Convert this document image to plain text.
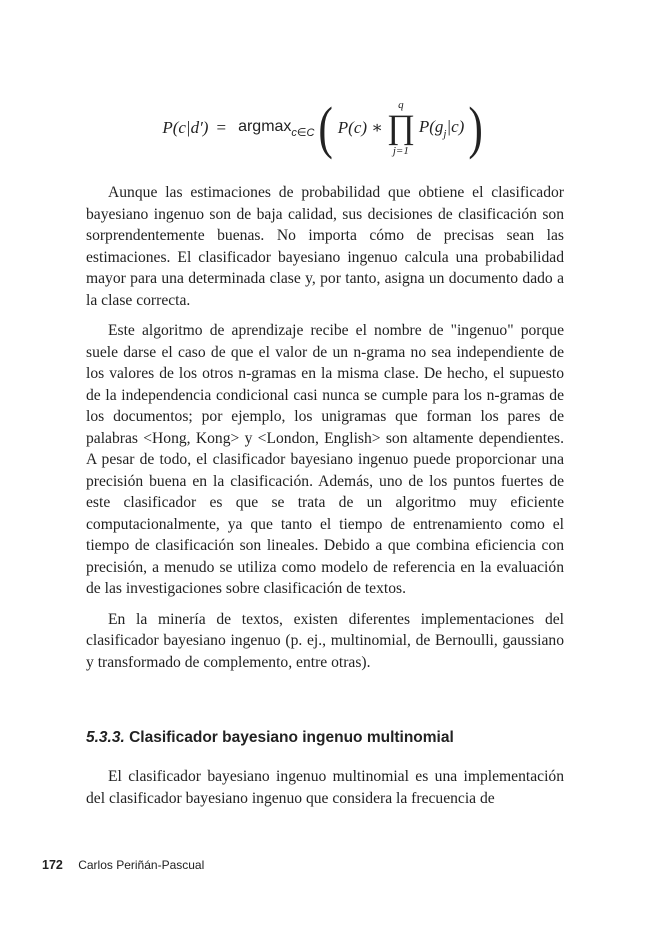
P(c|d′) = argmax$_{c\in C}$ ( P(c) ∗
q
∏
j=1
$P(g_j|c)$ )

Aunque las estimaciones de probabilidad que obtiene el clasificador bayesiano ingenuo son de baja calidad, sus decisiones de clasificación son sorprendentemente buenas. No importa cómo de precisas sean las estimaciones. El clasificador bayesiano ingenuo calcula una probabilidad mayor para una determinada clase y, por tanto, asigna un documento dado a la clase correcta.

Este algoritmo de aprendizaje recibe el nombre de "ingenuo" porque suele darse el caso de que el valor de un n-grama no sea independiente de los valores de los otros n-gramas en la misma clase. De hecho, el supuesto de la independencia condicional casi nunca se cumple para los n-gramas de los documentos; por ejemplo, los unigramas que forman los pares de palabras <Hong, Kong> y <London, English> son altamente dependientes. A pesar de todo, el clasificador bayesiano ingenuo puede proporcionar una precisión buena en la clasificación. Además, uno de los puntos fuertes de este clasificador es que se trata de un algoritmo muy eficiente computacionalmente, ya que tanto el tiempo de entrenamiento como el tiempo de clasificación son lineales. Debido a que combina eficiencia con precisión, a menudo se utiliza como modelo de referencia en la evaluación de las investigaciones sobre clasificación de textos.

En la minería de textos, existen diferentes implementaciones del clasificador bayesiano ingenuo (p. ej., multinomial, de Bernoulli, gaussiano y transformado de complemento, entre otras).

5.3.3. Clasificador bayesiano ingenuo multinomial

El clasificador bayesiano ingenuo multinomial es una implementación del clasificador bayesiano ingenuo que considera la frecuencia de

172 Carlos Periñán-Pascual
